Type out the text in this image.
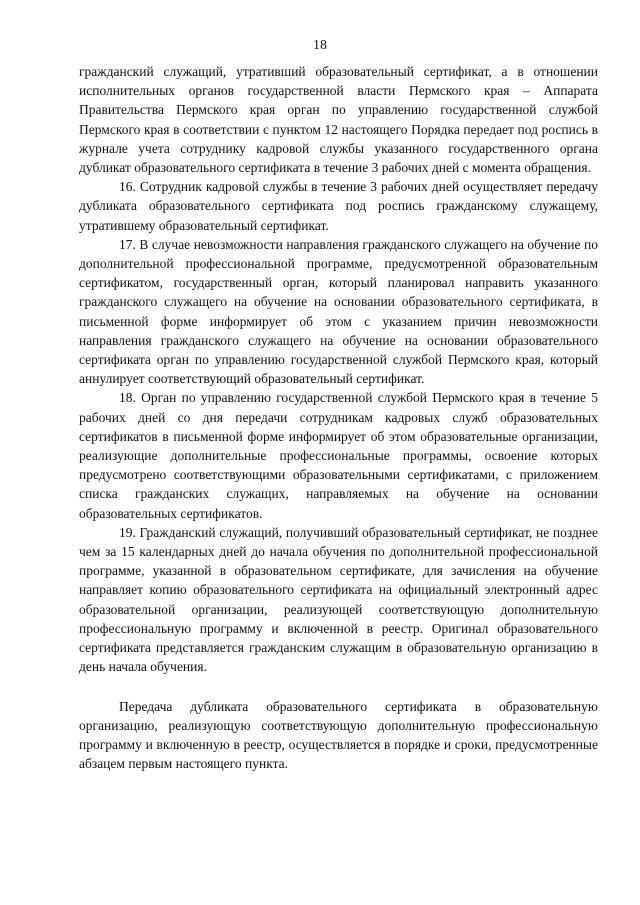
18

гражданский служащий, утративший образовательный сертификат, а в отношении исполнительных органов государственной власти Пермского края – Аппарата Правительства Пермского края орган по управлению государственной службой Пермского края в соответствии с пунктом 12 настоящего Порядка передает под роспись в журнале учета сотруднику кадровой службы указанного государственного органа дубликат образовательного сертификата в течение 3 рабочих дней с момента обращения.

16. Сотрудник кадровой службы в течение 3 рабочих дней осуществляет передачу дубликата образовательного сертификата под роспись гражданскому служащему, утратившему образовательный сертификат.

17. В случае невозможности направления гражданского служащего на обучение по дополнительной профессиональной программе, предусмотренной образовательным сертификатом, государственный орган, который планировал направить указанного гражданского служащего на обучение на основании образовательного сертификата, в письменной форме информирует об этом с указанием причин невозможности направления гражданского служащего на обучение на основании образовательного сертификата орган по управлению государственной службой Пермского края, который аннулирует соответствующий образовательный сертификат.

18. Орган по управлению государственной службой Пермского края в течение 5 рабочих дней со дня передачи сотрудникам кадровых служб образовательных сертификатов в письменной форме информирует об этом образовательные организации, реализующие дополнительные профессиональные программы, освоение которых предусмотрено соответствующими образовательными сертификатами, с приложением списка гражданских служащих, направляемых на обучение на основании образовательных сертификатов.

19. Гражданский служащий, получивший образовательный сертификат, не позднее чем за 15 календарных дней до начала обучения по дополнительной профессиональной программе, указанной в образовательном сертификате, для зачисления на обучение направляет копию образовательного сертификата на официальный электронный адрес образовательной организации, реализующей соответствующую дополнительную профессиональную программу и включенной в реестр. Оригинал образовательного сертификата представляется гражданским служащим в образовательную организацию в день начала обучения.

Передача дубликата образовательного сертификата в образовательную организацию, реализующую соответствующую дополнительную профессиональную программу и включенную в реестр, осуществляется в порядке и сроки, предусмотренные абзацем первым настоящего пункта.
